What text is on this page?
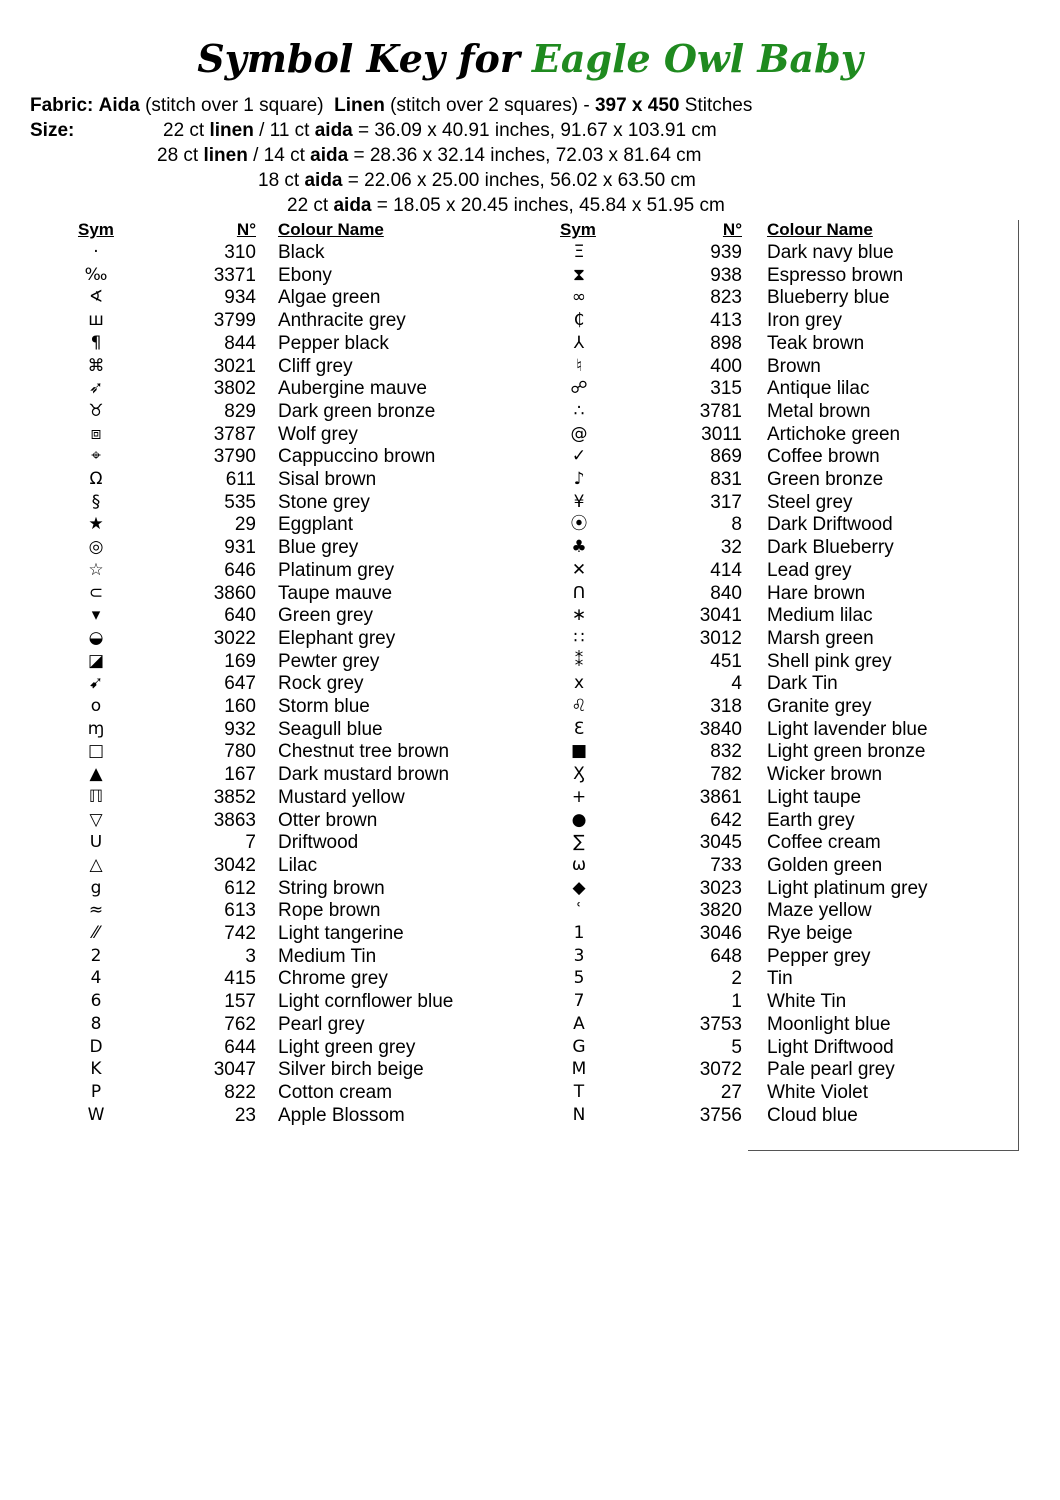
Symbol Key for Eagle Owl Baby
Fabric: Aida (stitch over 1 square) Linen (stitch over 2 squares) - 397 x 450 Stitches
Size:	22 ct linen / 11 ct aida = 36.09 x 40.91 inches, 91.67 x 103.91 cm
28 ct linen / 14 ct aida = 28.36 x 32.14 inches, 72.03 x 81.64 cm
18 ct aida = 22.06 x 25.00 inches, 56.02 x 63.50 cm
22 ct aida = 18.05 x 20.45 inches, 45.84 x 51.95 cm
Sym	N° Colour Name	Sym	N° Colour Name
·	310 Black
‰	3371 Ebony
∢	934 Algae green
ш	3799 Anthracite grey
¶	844 Pepper black
⌘	3021 Cliff grey
➶	3802 Aubergine mauve
♉	829 Dark green bronze
⧈	3787 Wolf grey
⌖	3790 Cappuccino brown
Ω	611 Sisal brown
§	535 Stone grey
★	29 Eggplant
◎	931 Blue grey
☆	646 Platinum grey
⊂	3860 Taupe mauve
▾	640 Green grey
◒	3022 Elephant grey
◪	169 Pewter grey
➹	647 Rock grey
o	160 Storm blue
ɱ	932 Seagull blue
□	780 Chestnut tree brown
▲	167 Dark mustard brown
ℿ	3852 Mustard yellow
▽	3863 Otter brown
ᑌ	7 Driftwood
△	3042 Lilac
g	612 String brown
≈	613 Rope brown
⁄⁄	742 Light tangerine
2	3 Medium Tin
4	415 Chrome grey
6	157 Light cornflower blue
8	762 Pearl grey
D	644 Light green grey
K	3047 Silver birch beige
P	822 Cotton cream
W	23 Apple Blossom
Ξ	939 Dark navy blue
⧗	938 Espresso brown
∞	823 Blueberry blue
₵	413 Iron grey
⅄	898 Teak brown
♮	400 Brown
☍	315 Antique lilac
∴	3781 Metal brown
@	3011 Artichoke green
✓	869 Coffee brown
♪	831 Green bronze
¥	317 Steel grey
⦿	8 Dark Driftwood
♣	32 Dark Blueberry
✕	414 Lead grey
ᑎ	840 Hare brown
∗	3041 Medium lilac
∷	3012 Marsh green
⁑	451 Shell pink grey
x	4 Dark Tin
♌	318 Granite grey
Ɛ	3840 Light lavender blue
■	832 Light green bronze
Ӽ	782 Wicker brown
+	3861 Light taupe
●	642 Earth grey
∑	3045 Coffee cream
ѡ	733 Golden green
◆	3023 Light platinum grey
ʿ	3820 Maze yellow
1	3046 Rye beige
3	648 Pepper grey
5	2 Tin
7	1 White Tin
A	3753 Moonlight blue
G	5 Light Driftwood
M	3072 Pale pearl grey
T	27 White Violet
N	3756 Cloud blue
